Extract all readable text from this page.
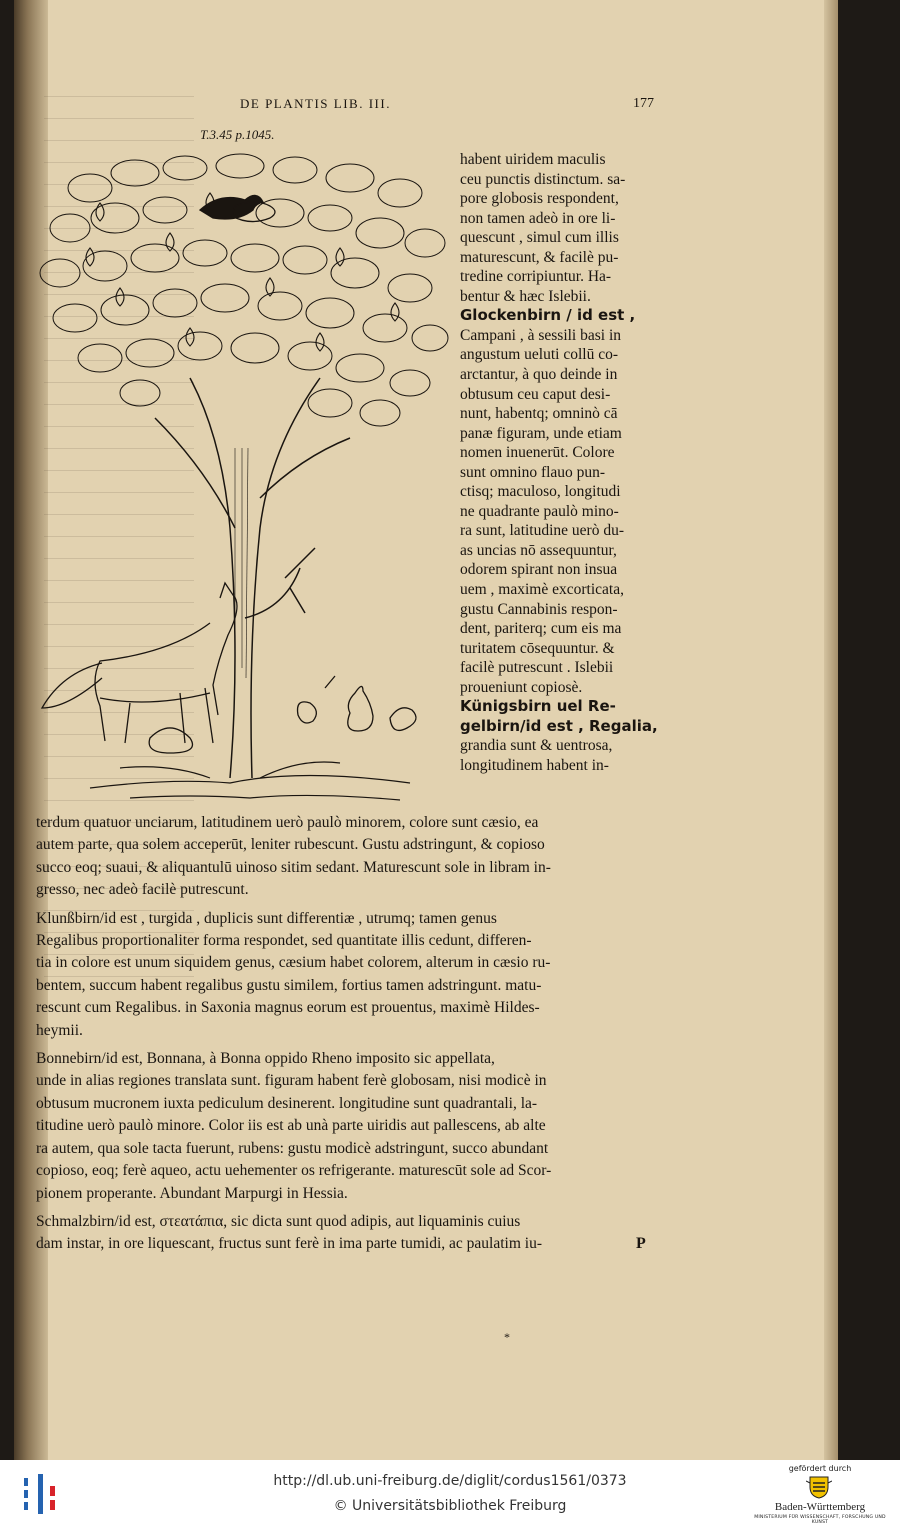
DE PLANTIS LIB. III.	177
T.3.45 p.1045.
habent uiridem maculis
ceu punctis distinctum. sa-
pore globosis respondent,
non tamen adeò in ore li-
quescunt , simul cum illis
maturescunt, & facilè pu-
tredine corripiuntur. Ha-
bentur & hæc Islebii.
Glockenbirn / id est ,
Campani , à sessili basi in
angustum ueluti collū co-
arctantur, à quo deinde in
obtusum ceu caput desi-
nunt, habentq; omninò cā
panæ figuram, unde etiam
nomen inuenerūt. Colore
sunt omnino flauo pun-
ctisq; maculoso, longitudi
ne quadrante paulò mino-
ra sunt, latitudine uerò du-
as uncias nō assequuntur,
odorem spirant non insua
uem , maximè excorticata,
gustu Cannabinis respon-
dent, pariterq; cum eis ma
turitatem cōsequuntur. &
facilè putrescunt . Islebii
proueniunt copiosè.
Künigsbirn uel Re-
gelbirn/id est , Regalia,
grandia sunt & uentrosa,
longitudinem habent in-
terdum quatuor unciarum, latitudinem uerò paulò minorem, colore sunt cæsio, ea
autem parte, qua solem acceperūt, leniter rubescunt. Gustu adstringunt, & copioso
succo eoq; suaui, & aliquantulū uinoso sitim sedant. Maturescunt sole in libram in-
gresso, nec adeò facilè putrescunt.
Klunßbirn/id est , turgida , duplicis sunt differentiæ , utrumq; tamen genus
Regalibus proportionaliter forma respondet, sed quantitate illis cedunt, differen-
tia in colore est unum siquidem genus, cæsium habet colorem, alterum in cæsio ru-
bentem, succum habent regalibus gustu similem, fortius tamen adstringunt. matu-
rescunt cum Regalibus. in Saxonia magnus eorum est prouentus, maximè Hildes-
heymii.
Bonnebirn/id est, Bonnana, à Bonna oppido Rheno imposito sic appellata,
unde in alias regiones translata sunt. figuram habent ferè globosam, nisi modicè in
obtusum mucronem iuxta pediculum desinerent. longitudine sunt quadrantali, la-
titudine uerò paulò minore. Color iis est ab unà parte uiridis aut pallescens, ab alte
ra autem, qua sole tacta fuerunt, rubens: gustu modicè adstringunt, succo abundant
copioso, eoq; ferè aqueo, actu uehementer os refrigerante. maturescūt sole ad Scor-
pionem properante. Abundant Marpurgi in Hessia.
Schmalzbirn/id est, στεατάπια, sic dicta sunt quod adipis, aut liquaminis cuius
dam instar, in ore liquescant, fructus sunt ferè in ima parte tumidi, ac paulatim iu-	P
*
http://dl.ub.uni-freiburg.de/diglit/cordus1561/0373
© Universitätsbibliothek Freiburg
gefördert durch
Baden-Württemberg
MINISTERIUM FÜR WISSENSCHAFT, FORSCHUNG UND KUNST
